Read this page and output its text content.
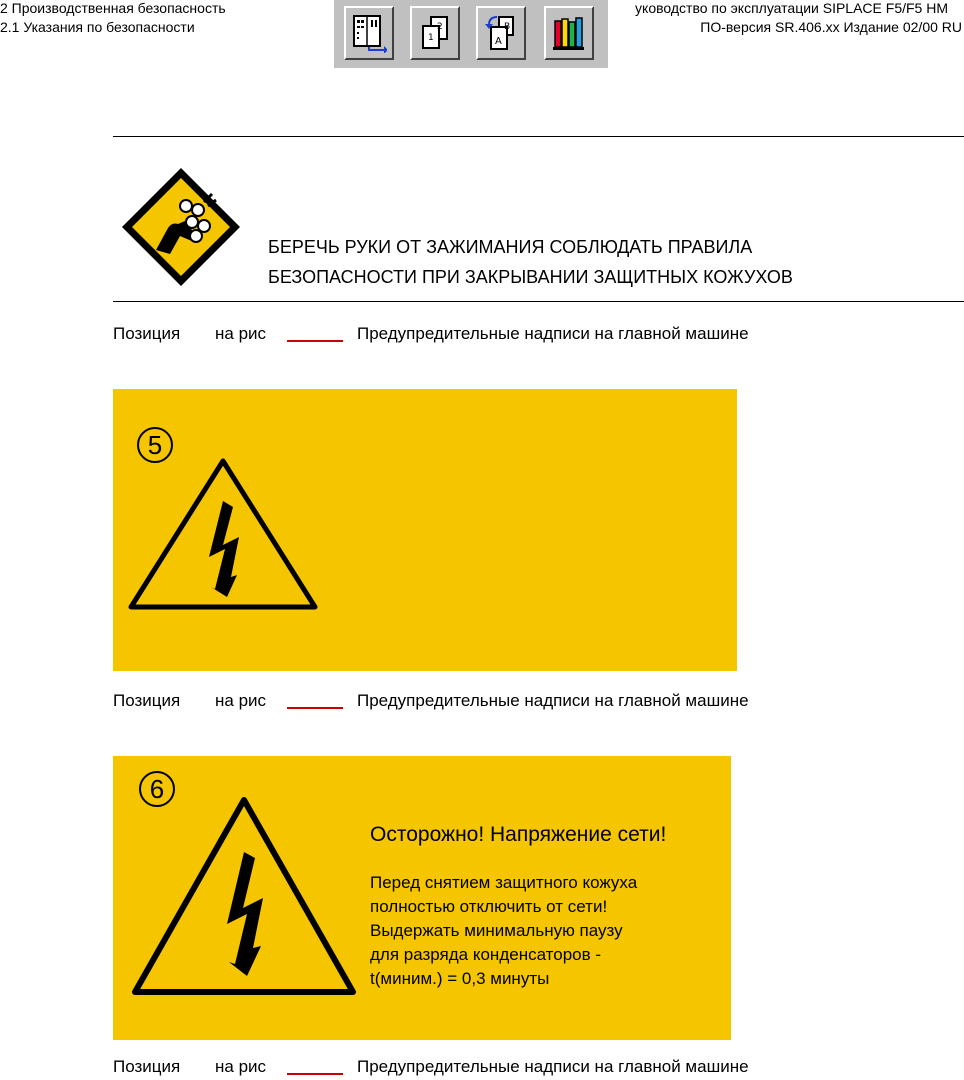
2 Производственная безопасность
2.1 Указания по безопасности
уководство по эксплуатации SIPLACE F5/F5 HM
ПО-версия SR.406.xx Издание 02/00 RU
2
1
B
A
БЕРЕЧЬ РУКИ ОТ ЗАЖИМАНИЯ СОБЛЮДАТЬ ПРАВИЛА
БЕЗОПАСНОСТИ ПРИ ЗАКРЫВАНИИ ЗАЩИТНЫХ КОЖУХОВ
Позиция на рис	Предупредительные надписи на главной машине
5
Позиция на рис	Предупредительные надписи на главной машине
6
Осторожно! Напряжение сети!
Перед снятием защитного кожуха
полностью отключить от сети!
Выдержать минимальную паузу
для разряда конденсаторов -
t(миним.) = 0,3 минуты
Позиция на рис	Предупредительные надписи на главной машине
